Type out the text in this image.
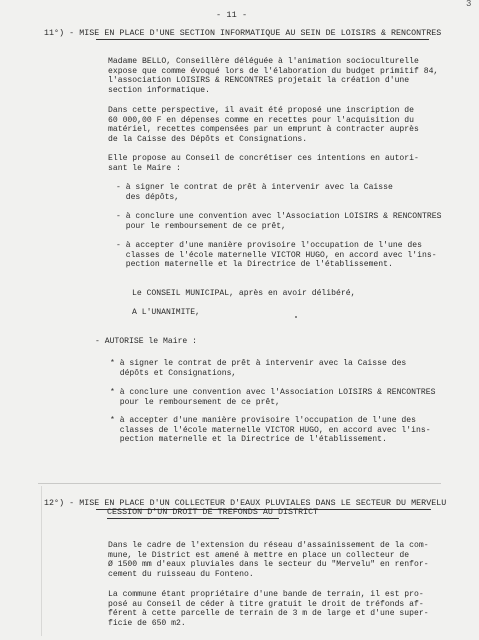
- 11 -
3
11°) - MISE EN PLACE D'UNE SECTION INFORMATIQUE AU SEIN DE LOISIRS & RENCONTRES
Madame BELLO, Conseillère déléguée à l'animation socioculturelle
expose que comme évoqué lors de l'élaboration du budget primitif 84,
l'association LOISIRS & RENCONTRES projetait la création d'une
section informatique.
Dans cette perspective, il avait été proposé une inscription de
60 000,00 F en dépenses comme en recettes pour l'acquisition du
matériel, recettes compensées par un emprunt à contracter auprès
de la Caisse des Dépôts et Consignations.
Elle propose au Conseil de concrétiser ces intentions en autori-
sant le Maire :
- à signer le contrat de prêt à intervenir avec la Caisse
des dépôts,
- à conclure une convention avec l'Association LOISIRS & RENCONTRES
pour le remboursement de ce prêt,
- à accepter d'une manière provisoire l'occupation de l'une des
classes de l'école maternelle VICTOR HUGO, en accord avec l'ins-
pection maternelle et la Directrice de l'établissement.
Le CONSEIL MUNICIPAL, après en avoir délibéré,
A L'UNANIMITE,
- AUTORISE le Maire :
* à signer le contrat de prêt à intervenir avec la Caisse des
dépôts et Consignations,
* à conclure une convention avec l'Association LOISIRS & RENCONTRES
pour le remboursement de ce prêt,
* à accepter d'une manière provisoire l'occupation de l'une des
classes de l'école maternelle VICTOR HUGO, en accord avec l'ins-
pection maternelle et la Directrice de l'établissement.
12°) - MISE EN PLACE D'UN COLLECTEUR D'EAUX PLUVIALES DANS LE SECTEUR DU MERVELU
CESSION D'UN DROIT DE TREFONDS AU DISTRICT
Dans le cadre de l'extension du réseau d'assainissement de la com-
mune, le District est amené à mettre en place un collecteur de
Ø 1500 mm d'eaux pluviales dans le secteur du "Mervelu" en renfor-
cement du ruisseau du Fonteno.
La commune étant propriétaire d'une bande de terrain, il est pro-
posé au Conseil de céder à titre gratuit le droit de tréfonds af-
férent à cette parcelle de terrain de 3 m de large et d'une super-
ficie de 650 m2.
